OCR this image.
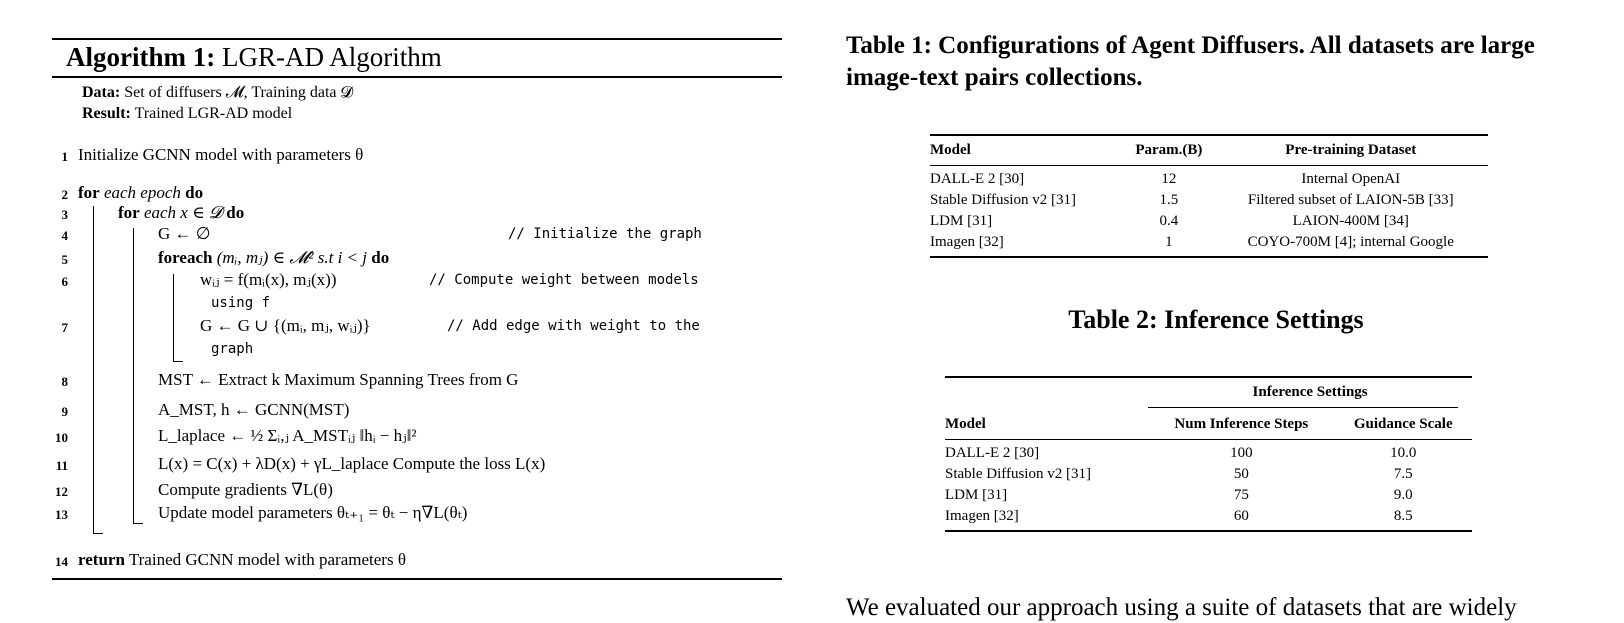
Algorithm 1: LGR-AD Algorithm
Data: Set of diffusers 𝓜, Training data 𝓓
Result: Trained LGR-AD model
1 Initialize GCNN model with parameters θ
2 for each epoch do
3	for each x ∈ 𝓓 do
4	G ← ∅	// Initialize the graph
5	foreach (mᵢ, mⱼ) ∈ 𝓜² s.t i < j do
6	wᵢⱼ = f(mᵢ(x), mⱼ(x))	// Compute weight between models
using f
7	G ← G ∪ {(mᵢ, mⱼ, wᵢⱼ)}	// Add edge with weight to the
graph
8	MST ← Extract k Maximum Spanning Trees from G
9	A_MST, h ← GCNN(MST)
10	L_laplace ← ½ Σᵢ,ⱼ A_MSTᵢⱼ ‖hᵢ − hⱼ‖²
11	L(x) = C(x) + λD(x) + γL_laplace Compute the loss L(x)
12	Compute gradients ∇L(θ)
13	Update model parameters θₜ₊₁ = θₜ − η∇L(θₜ)
14 return Trained GCNN model with parameters θ
Table 1: Configurations of Agent Diffusers. All datasets are large image-text pairs collections.
Model	Param.(B)	Pre-training Dataset

DALL-E 2 [30]	12	Internal OpenAI
Stable Diffusion v2 [31]	1.5	Filtered subset of LAION-5B [33]
LDM [31]	0.4	LAION-400M [34]
Imagen [32]	1	COYO-700M [4]; internal Google

Table 2: Inference Settings
	Inference Settings	

Model	Num Inference Steps	Guidance Scale

DALL-E 2 [30]	100	10.0
Stable Diffusion v2 [31]	50	7.5
LDM [31]	75	9.0
Imagen [32]	60	8.5

We evaluated our approach using a suite of datasets that are widely
